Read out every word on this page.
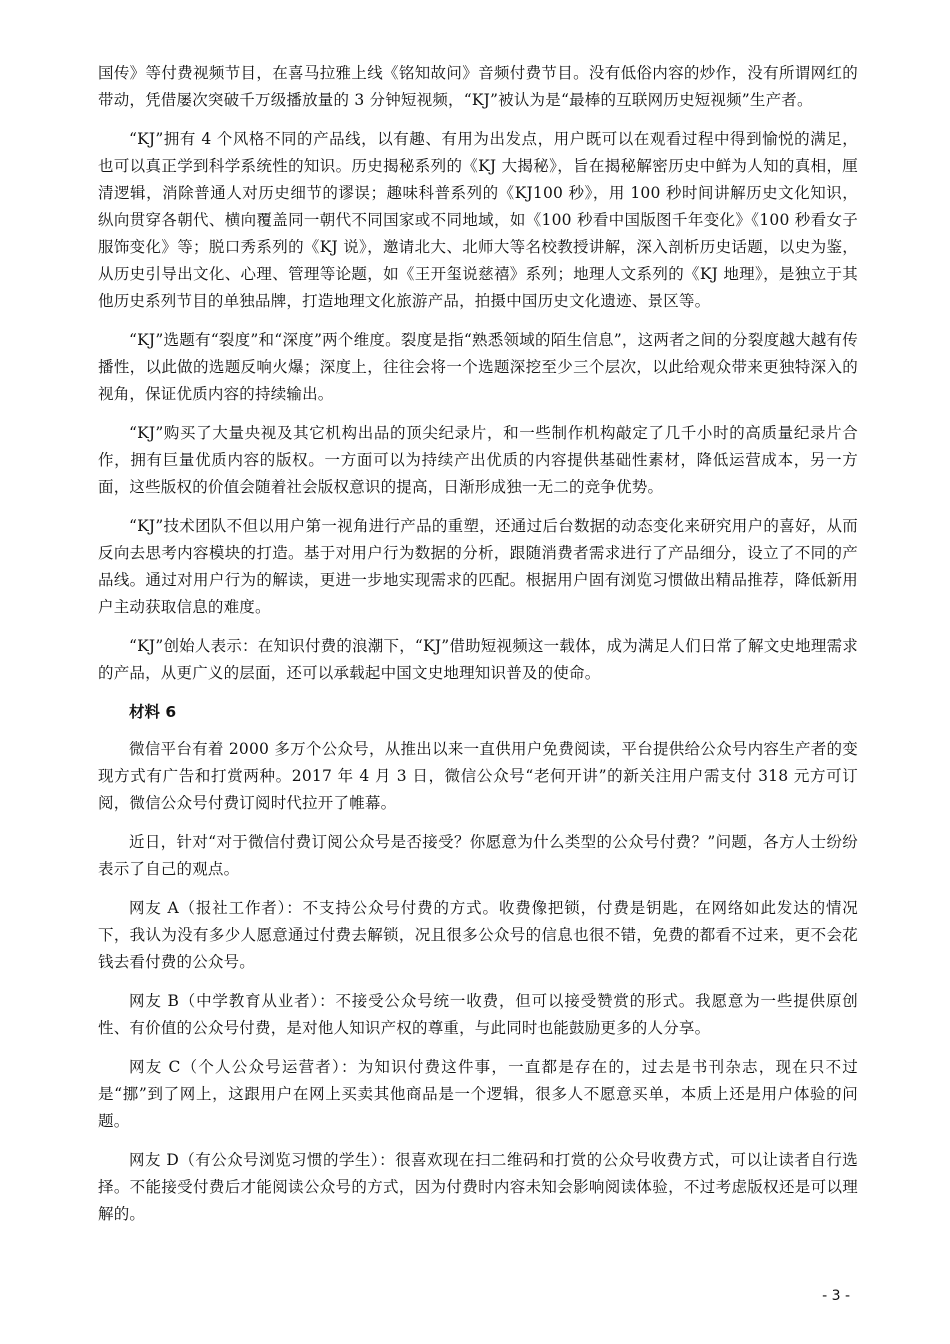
国传》等付费视频节目，在喜马拉雅上线《铭知故问》音频付费节目。没有低俗内容的炒作，没有所谓网红的带动，凭借屡次突破千万级播放量的 3 分钟短视频，“KJ”被认为是“最棒的互联网历史短视频”生产者。

“KJ”拥有 4 个风格不同的产品线，以有趣、有用为出发点，用户既可以在观看过程中得到愉悦的满足，也可以真正学到科学系统性的知识。历史揭秘系列的《KJ 大揭秘》，旨在揭秘解密历史中鲜为人知的真相，厘清逻辑，消除普通人对历史细节的谬误；趣味科普系列的《KJ100 秒》，用 100 秒时间讲解历史文化知识，纵向贯穿各朝代、横向覆盖同一朝代不同国家或不同地域，如《100 秒看中国版图千年变化》《100 秒看女子服饰变化》等；脱口秀系列的《KJ 说》，邀请北大、北师大等名校教授讲解，深入剖析历史话题，以史为鉴，从历史引导出文化、心理、管理等论题，如《王开玺说慈禧》系列；地理人文系列的《KJ 地理》，是独立于其他历史系列节目的单独品牌，打造地理文化旅游产品，拍摄中国历史文化遗迹、景区等。

“KJ”选题有“裂度”和“深度”两个维度。裂度是指“熟悉领域的陌生信息”，这两者之间的分裂度越大越有传播性，以此做的选题反响火爆；深度上，往往会将一个选题深挖至少三个层次，以此给观众带来更独特深入的视角，保证优质内容的持续输出。

“KJ”购买了大量央视及其它机构出品的顶尖纪录片，和一些制作机构敲定了几千小时的高质量纪录片合作，拥有巨量优质内容的版权。一方面可以为持续产出优质的内容提供基础性素材，降低运营成本，另一方面，这些版权的价值会随着社会版权意识的提高，日渐形成独一无二的竞争优势。

“KJ”技术团队不但以用户第一视角进行产品的重塑，还通过后台数据的动态变化来研究用户的喜好，从而反向去思考内容模块的打造。基于对用户行为数据的分析，跟随消费者需求进行了产品细分，设立了不同的产品线。通过对用户行为的解读，更进一步地实现需求的匹配。根据用户固有浏览习惯做出精品推荐，降低新用户主动获取信息的难度。

“KJ”创始人表示：在知识付费的浪潮下，“KJ”借助短视频这一载体，成为满足人们日常了解文史地理需求的产品，从更广义的层面，还可以承载起中国文史地理知识普及的使命。

材料 6

微信平台有着 2000 多万个公众号，从推出以来一直供用户免费阅读，平台提供给公众号内容生产者的变现方式有广告和打赏两种。2017 年 4 月 3 日，微信公众号“老何开讲”的新关注用户需支付 318 元方可订阅，微信公众号付费订阅时代拉开了帷幕。

近日，针对“对于微信付费订阅公众号是否接受？你愿意为什么类型的公众号付费？”问题，各方人士纷纷表示了自己的观点。

网友 A（报社工作者）：不支持公众号付费的方式。收费像把锁，付费是钥匙，在网络如此发达的情况下，我认为没有多少人愿意通过付费去解锁，况且很多公众号的信息也很不错，免费的都看不过来，更不会花钱去看付费的公众号。

网友 B（中学教育从业者）：不接受公众号统一收费，但可以接受赞赏的形式。我愿意为一些提供原创性、有价值的公众号付费，是对他人知识产权的尊重，与此同时也能鼓励更多的人分享。

网友 C（个人公众号运营者）：为知识付费这件事，一直都是存在的，过去是书刊杂志，现在只不过是“挪”到了网上，这跟用户在网上买卖其他商品是一个逻辑，很多人不愿意买单，本质上还是用户体验的问题。

网友 D（有公众号浏览习惯的学生）：很喜欢现在扫二维码和打赏的公众号收费方式，可以让读者自行选择。不能接受付费后才能阅读公众号的方式，因为付费时内容未知会影响阅读体验，不过考虑版权还是可以理解的。

- 3 -
